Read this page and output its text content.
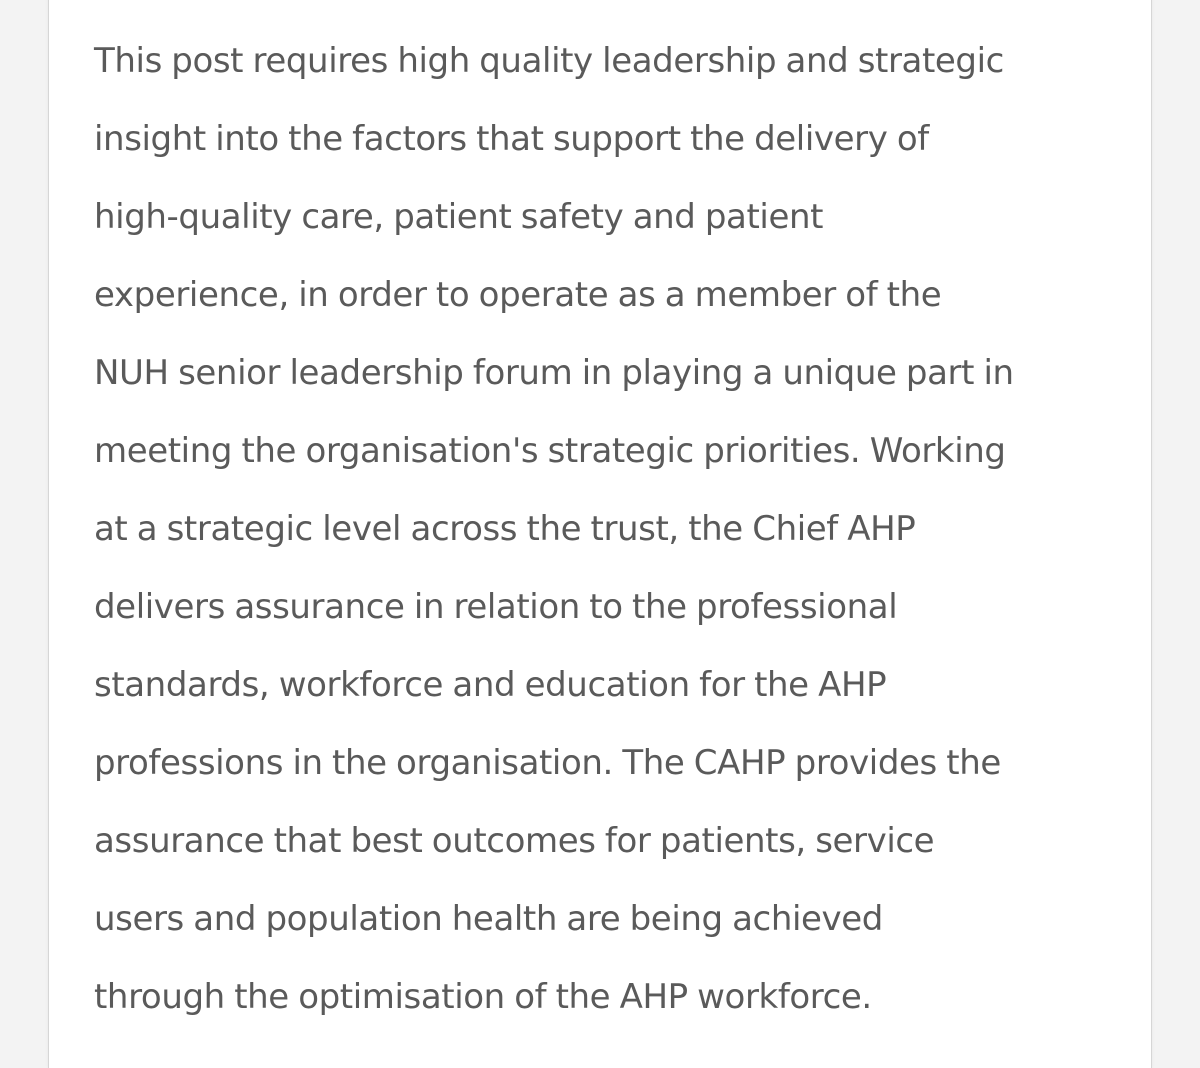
This post requires high quality leadership and strategic
insight into the factors that support the delivery of
high-quality care, patient safety and patient
experience, in order to operate as a member of the
NUH senior leadership forum in playing a unique part in
meeting the organisation's strategic priorities. Working
at a strategic level across the trust, the Chief AHP
delivers assurance in relation to the professional
standards, workforce and education for the AHP
professions in the organisation. The CAHP provides the
assurance that best outcomes for patients, service
users and population health are being achieved
through the optimisation of the AHP workforce.
